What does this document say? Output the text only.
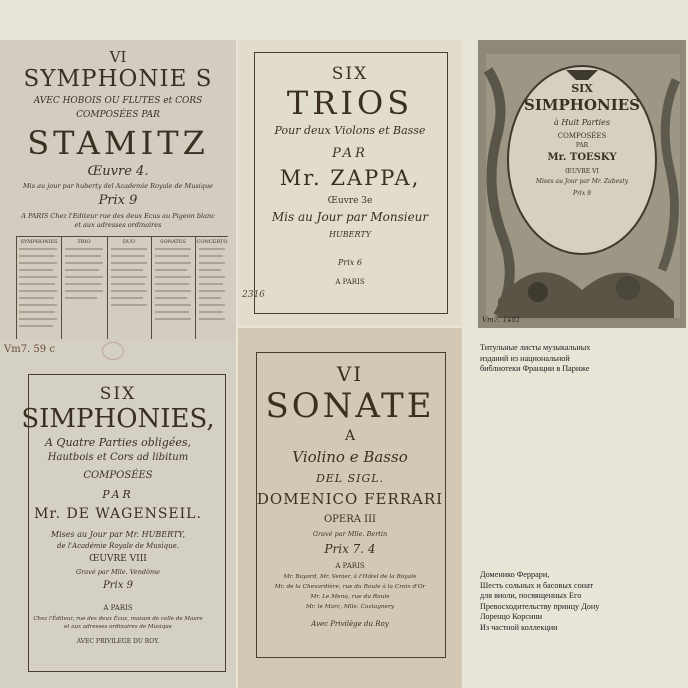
VI
SYMPHONIE S
AVEC HOBOIS OU FLUTES et CORS
COMPOSÉES PAR
STAMITZ
Œuvre 4.
Mis au jour par huberty del Academie Royale de Musique
Prix 9
A PARIS Chez l'Editeur rue des deux Ecus au Pigeon blanc
et aux adresses ordinaires
SYMPHONIES	TRIO	DUO	SONATES	CONCERTO
SIX
TRIOS
Pour deux Violons et Basse
PAR
Mr. ZAPPA,
Œuvre 3e
Mis au Jour par Monsieur
HUBERTY
Prix 6
A PARIS
2316
SIX
SIMPHONIES
à Huit Parties
COMPOSÉES
PAR
Mr. TOESKY
ŒUVRE VI
Mises au Jour par Mr. Zubesty
Prix 9
Vm7. 1481
Vm7. 59 c
SIX
SIMPHONIES,
A Quatre Parties obligées,
Hautbois et Cors ad libitum
COMPOSÉES
PAR
Mr. DE WAGENSEIL.
Mises au Jour par Mr. HUBERTY,
de l'Académie Royale de Musique.
ŒUVRE VIII
Gravé par Mlle. Vendôme
Prix 9
A PARIS
Chez l'Éditeur, rue des deux Écus, maison de celle de Maure
et aux adresses ordinaires de Musique
AVEC PRIVILEGE DU ROY.
VI
SONATE
A
Violino e Basso
DEL SIGL.
DOMENICO FERRARI
OPERA III
Gravé par Mlle. Bertin
Prix 7. 4
A PARIS
Mr. Bayard, Mr. Venier, à l'Hôtel de la Royale
Mr. de la Chevardière, rue du Roule à la Croix d'Or
Mr. Le Menu, rue du Roule
Mr. le Marc, Mlle. Castagnery
Avec Privilège du Roy
Титульные листы музыкальных
изданий из национальной
библиотеки Франции в Париже
Доменико Феррари,
Шесть сольных и басовых сонат
для виоли, посвященных Его
Превосходительству принцу Дону
Лоренцо Корсини
Из частной коллекции
